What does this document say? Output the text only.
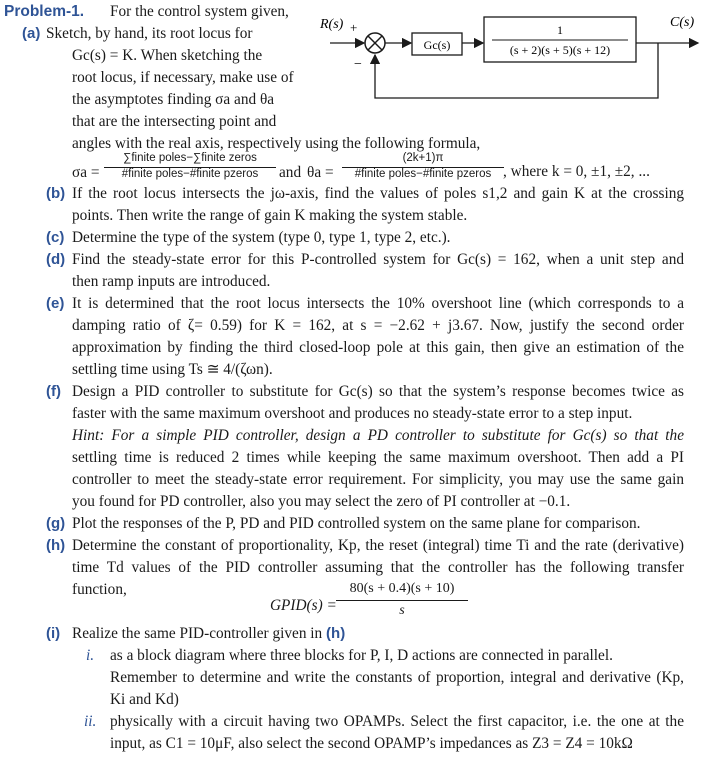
Problem-1. For the control system given,
R(s) +
−
Gc(s)
1
(s + 2)(s + 5)(s + 12)
C(s)
(a) Sketch, by hand, its root locus for
Gc(s) = K. When sketching the
root locus, if necessary, make use of
the asymptotes finding σa and θa
that are the intersecting point and
angles with the real axis, respectively using the following formula,
σa =
∑finite poles−∑finite zeros
#finite poles−#finite pzeros	and θa =
(2k+1)π
#finite poles−#finite pzeros , where k = 0, ±1, ±2, ...
(b) If the root locus intersects the jω-axis, find the values of poles s1,2 and gain K at the crossing
points. Then write the range of gain K making the system stable.
(c) Determine the type of the system (type 0, type 1, type 2, etc.).
(d) Find the steady-state error for this P-controlled system for Gc(s) = 162, when a unit step and
then ramp inputs are introduced.
(e) It is determined that the root locus intersects the 10% overshoot line (which corresponds to a
damping ratio of ζ= 0.59) for K = 162, at s = −2.62 + j3.67. Now, justify the second order
approximation by finding the third closed-loop pole at this gain, then give an estimation of the
settling time using Ts ≅ 4/(ζωn).
(f) Design a PID controller to substitute for Gc(s) so that the system’s response becomes twice as
faster with the same maximum overshoot and produces no steady-state error to a step input.
Hint: For a simple PID controller, design a PD controller to substitute for Gc(s) so that the
settling time is reduced 2 times while keeping the same maximum overshoot. Then add a PI
controller to meet the steady-state error requirement. For simplicity, you may use the same gain
you found for PD controller, also you may select the zero of PI controller at −0.1.
(g) Plot the responses of the P, PD and PID controlled system on the same plane for comparison.
(h) Determine the constant of proportionality, Kp, the reset (integral) time Ti and the rate (derivative)
time Td values of the PID controller assuming that the controller has the following transfer
function,
GPID(s) =
80(s + 0.4)(s + 10)
s
(i) Realize the same PID-controller given in (h)
i. as a block diagram where three blocks for P, I, D actions are connected in parallel.
Remember to determine and write the constants of proportion, integral and derivative (Kp,
Ki and Kd)
ii. physically with a circuit having two OPAMPs. Select the first capacitor, i.e. the one at the
input, as C1 = 10μF, also select the second OPAMP’s impedances as Z3 = Z4 = 10kΩ
